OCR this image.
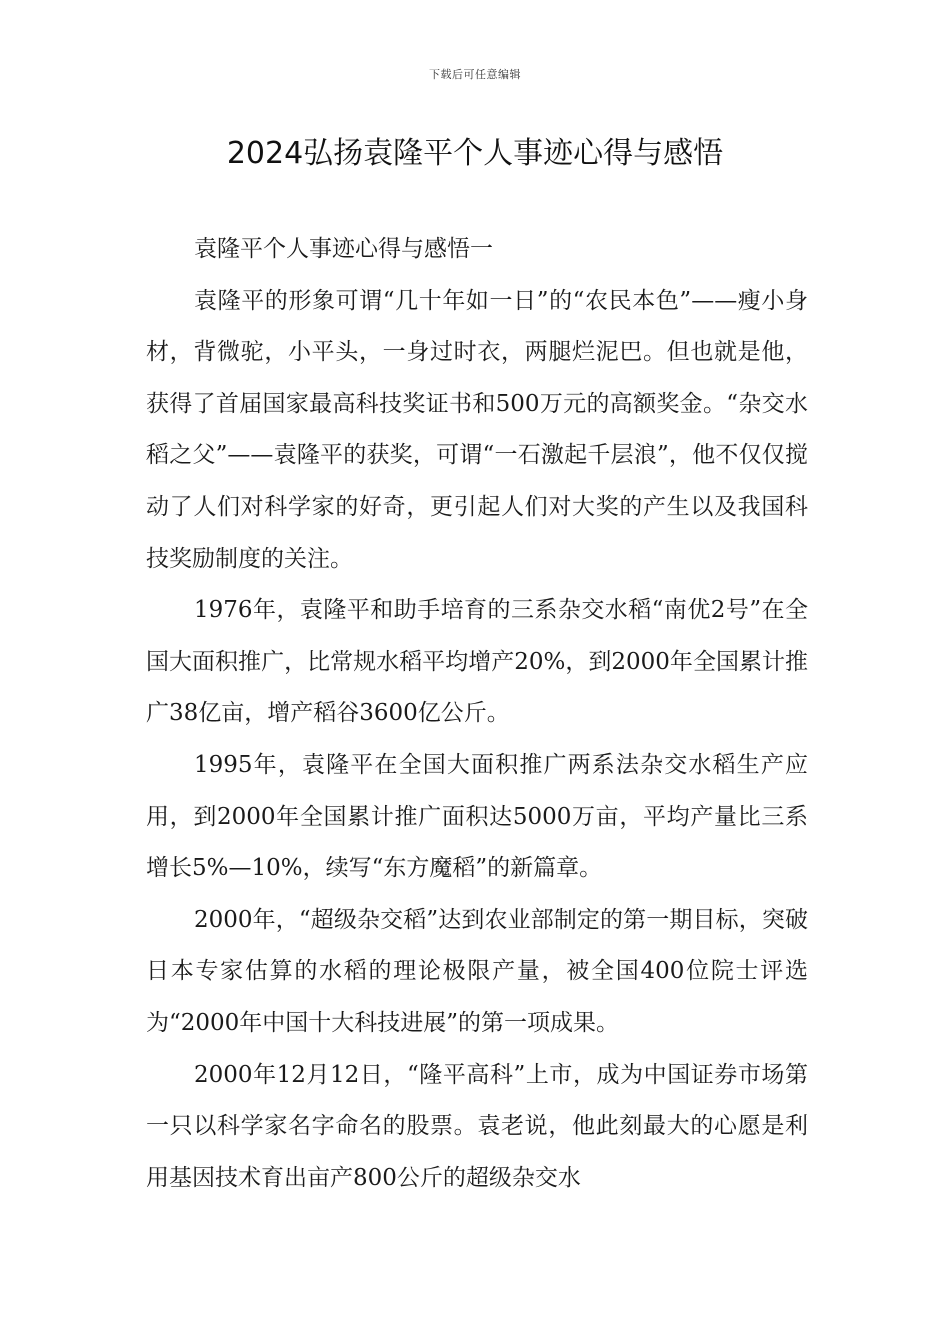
下载后可任意编辑
2024弘扬袁隆平个人事迹心得与感悟

袁隆平个人事迹心得与感悟一

袁隆平的形象可谓“几十年如一日”的“农民本色”——瘦小身材，背微驼，小平头，一身过时衣，两腿烂泥巴。但也就是他，获得了首届国家最高科技奖证书和500万元的高额奖金。“杂交水稻之父”——袁隆平的获奖，可谓“一石激起千层浪”，他不仅仅搅动了人们对科学家的好奇，更引起人们对大奖的产生以及我国科技奖励制度的关注。

1976年，袁隆平和助手培育的三系杂交水稻“南优2号”在全国大面积推广，比常规水稻平均增产20%，到2000年全国累计推广38亿亩，增产稻谷3600亿公斤。

1995年，袁隆平在全国大面积推广两系法杂交水稻生产应用，到2000年全国累计推广面积达5000万亩，平均产量比三系增长5%—10%，续写“东方魔稻”的新篇章。

2000年，“超级杂交稻”达到农业部制定的第一期目标，突破日本专家估算的水稻的理论极限产量，被全国400位院士评选为“2000年中国十大科技进展”的第一项成果。

2000年12月12日，“隆平高科”上市，成为中国证券市场第一只以科学家名字命名的股票。袁老说，他此刻最大的心愿是利用基因技术育出亩产800公斤的超级杂交水
